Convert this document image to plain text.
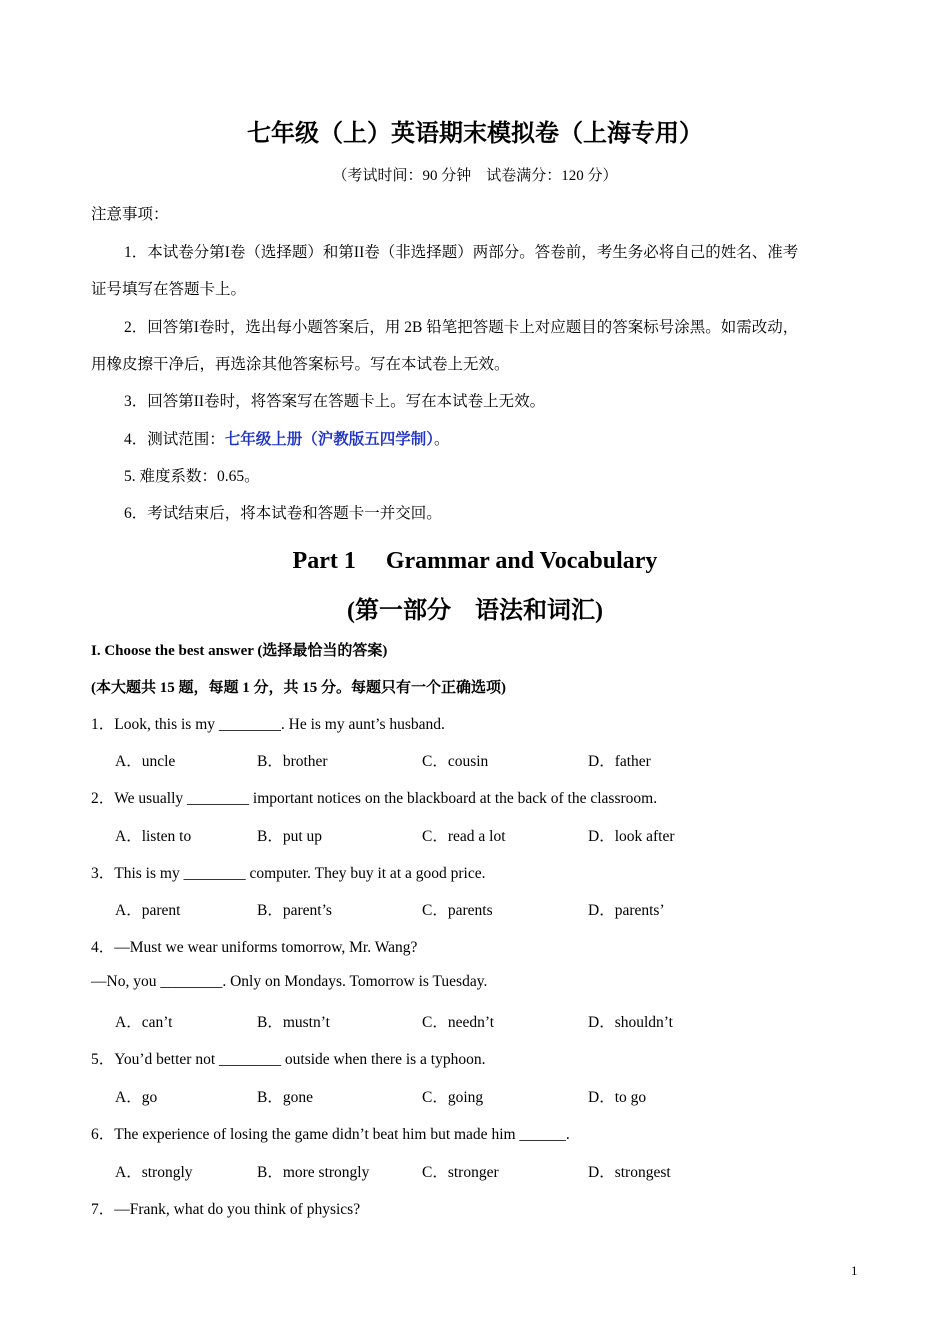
七年级（上）英语期末模拟卷（上海专用）
（考试时间：90 分钟　试卷满分：120 分）
注意事项：
1．本试卷分第I卷（选择题）和第II卷（非选择题）两部分。答卷前，考生务必将自己的姓名、准考
证号填写在答题卡上。
2．回答第I卷时，选出每小题答案后，用 2B 铅笔把答题卡上对应题目的答案标号涂黑。如需改动，
用橡皮擦干净后，再选涂其他答案标号。写在本试卷上无效。
3．回答第II卷时，将答案写在答题卡上。写在本试卷上无效。
4．测试范围：七年级上册（沪教版五四学制）。
5. 难度系数：0.65。
6．考试结束后，将本试卷和答题卡一并交回。
Part 1　 Grammar and Vocabulary
(第一部分　语法和词汇)
I. Choose the best answer (选择最恰当的答案)
(本大题共 15 题，每题 1 分，共 15 分。每题只有一个正确选项)
1．Look, this is my ________. He is my aunt’s husband.
A．uncle	B．brother	C．cousin	D．father
2．We usually ________ important notices on the blackboard at the back of the classroom.
A．listen to	B．put up	C．read a lot	D．look after
3．This is my ________ computer. They buy it at a good price.
A．parent	B．parent’s	C．parents	D．parents’
4．—Must we wear uniforms tomorrow, Mr. Wang?
—No, you ________. Only on Mondays. Tomorrow is Tuesday.
A．can’t	B．mustn’t	C．needn’t	D．shouldn’t
5．You’d better not ________ outside when there is a typhoon.
A．go	B．gone	C．going	D．to go
6．The experience of losing the game didn’t beat him but made him ______.
A．strongly	B．more strongly	C．stronger	D．strongest
7．—Frank, what do you think of physics?
1
